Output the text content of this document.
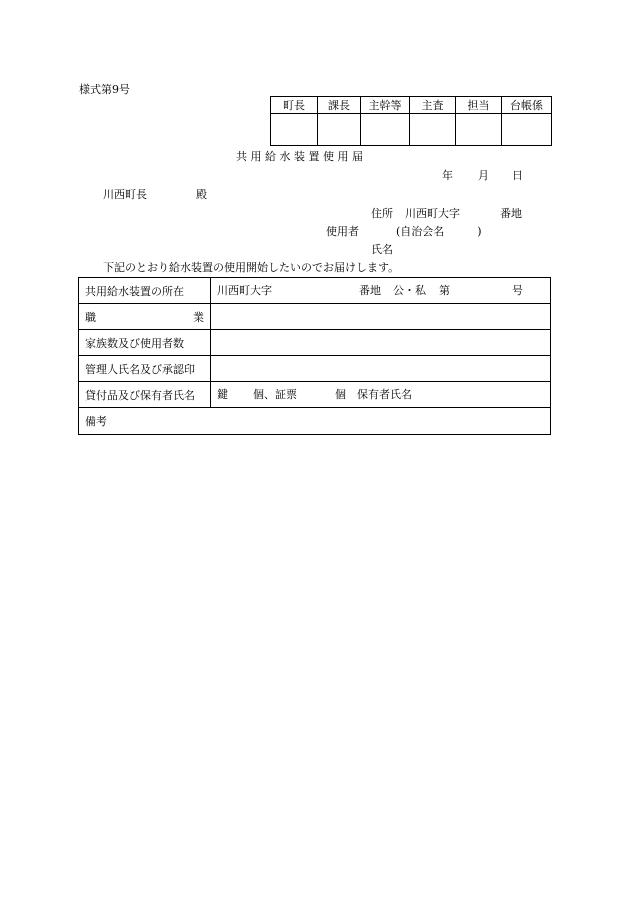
様式第9号
町長	課長	主幹等	主査	担当	台帳係

共 用 給 水 装 置 使 用 届
年 月 日
川西町長	殿
住所 川西町大字	番地
使用者	(自治会名　　　)
氏名
下記のとおり給水装置の使用開始したいのでお届けします。
共用給水装置の所在	川西町大字 番地 公・私 第 号

職 業	

家族数及び使用者数	
管理人氏名及び承認印	
貸付品及び保有者氏名	鍵 個、証票 個 保有者氏名

備考	
